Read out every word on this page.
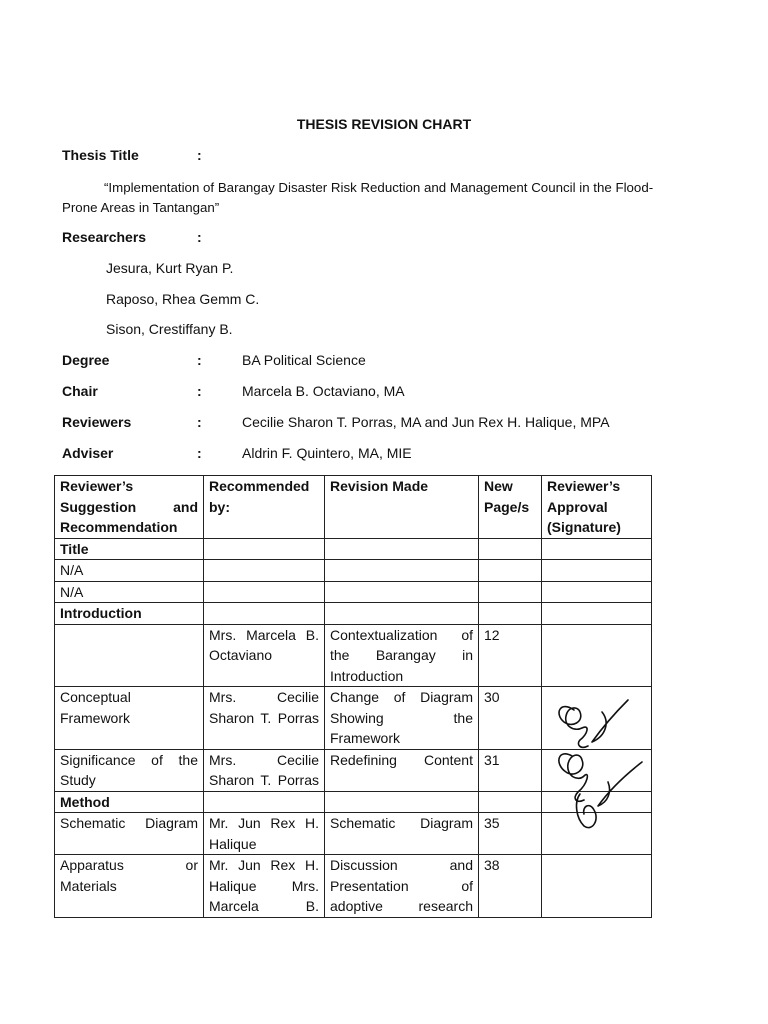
THESIS REVISION CHART
Thesis Title	:
“Implementation of Barangay Disaster Risk Reduction and Management Council in the Flood-Prone Areas in Tantangan”
Researchers	:
Jesura, Kurt Ryan P.
Raposo, Rhea Gemm C.
Sison, Crestiffany B.
Degree	:	BA Political Science
Chair	:	Marcela B. Octaviano, MA
Reviewers	:	Cecilie Sharon T. Porras, MA and Jun Rex H. Halique, MPA
Adviser	:	Aldrin F. Quintero, MA, MIE
Reviewer’s Suggestion and Recommendation	Recommended by:	Revision Made	New Page/s	Reviewer’s Approval (Signature)
Title				
N/A				
N/A				
Introduction				
	Mrs. Marcela B. Octaviano	Contextualization of the Barangay in Introduction	12	
Conceptual Framework	Mrs. Cecilie Sharon T. Porras	Change of Diagram Showing the Framework	30	
Significance of the Study	Mrs. Cecilie Sharon T. Porras	Redefining Content	31	
Method				
Schematic Diagram	Mr. Jun Rex H. Halique	Schematic Diagram	35	
Apparatus or Materials	Mr. Jun Rex H. Halique Mrs. Marcela B.	Discussion and Presentation of adoptive research	38	
